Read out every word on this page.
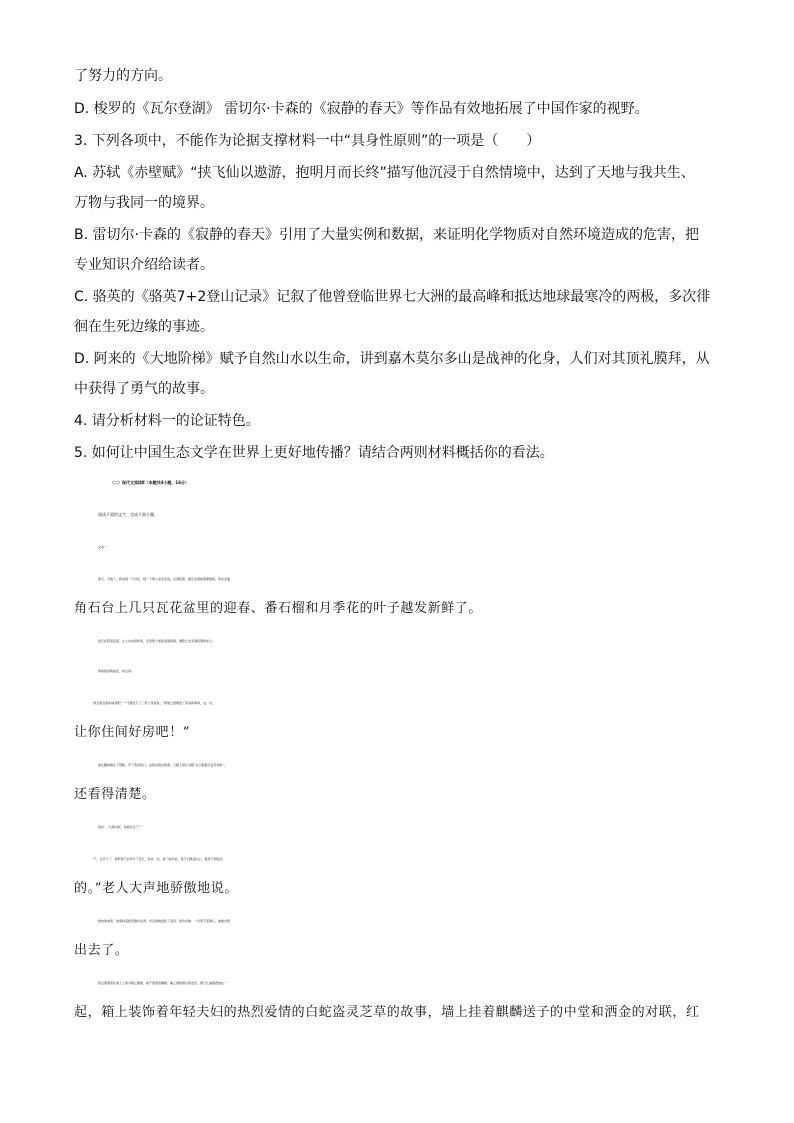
了努力的方向。
D. 梭罗的《瓦尔登湖》 雷切尔·卡森的《寂静的春天》等作品有效地拓展了中国作家的视野。
3. 下列各项中，不能作为论据支撑材料一中“具身性原则”的一项是（　　）
A. 苏轼《赤壁赋》“挟飞仙以遨游，抱明月而长终”描写他沉浸于自然情境中，达到了天地与我共生、
万物与我同一的境界。
B. 雷切尔·卡森的《寂静的春天》引用了大量实例和数据，来证明化学物质对自然环境造成的危害，把
专业知识介绍给读者。
C. 骆英的《骆英7+2登山记录》记叙了他曾登临世界七大洲的最高峰和抵达地球最寒冷的两极，多次徘
徊在生死边缘的事迹。
D. 阿来的《大地阶梯》赋予自然山水以生命，讲到嘉木莫尔多山是战神的化身，人们对其顶礼膜拜，从
中获得了勇气的故事。
4. 请分析材料一的论证特色。
5. 如何让中国生态文学在世界上更好地传播？请结合两则材料概括你的看法。
（二）现代文阅读Ⅱ（本题共4小题，16分）
阅读下面的文字，完成下面小题。
文本一：
春天，天晚了，我来到一个村庄，到一个熟人家去住宿。走进院里，看见北窗前那棵梨树，和东北墙
角石台上几只瓦花盆里的迎春、番石榴和月季花的叶子越发新鲜了。
我正在院里张望，主人出来招呼我，还是那个宽脸庞黑胡须、满脸红光充满希望的老人。
我向他说明来意，并且说：
“我还是住那间南房吧！”“不要住它了，”老人笑着说，“那里已经堆放了家具和柴草，这一次，
让你住间好房吧！”
他从腰间掏出了钥匙，开了西房的门。这间房我也熟悉，门框上的红对联“白玉种蓝田百年和好”，
还看得清楚。
我问：“儿媳妇呢，住娘家去了？”
“不，去学习了，我那孩子去年升了连长，家来一次，接了她出去。孩子们愿意向上，我是不好阻挡
的。”老人大声地骄傲地说。
我向他恭喜。他照料着我安置好东西，问过我晚饭吃了没有。我告诉他：一切用不着费心。他就告辞
出去了。
我点着那留在桌子上的半截红蜡烛，屋子里更是耀眼。墙上的粉纸白得发光，两只红油箱叠放在一
起，箱上装饰着年轻夫妇的热烈爱情的白蛇盗灵芝草的故事，墙上挂着麒麟送子的中堂和洒金的对联，红
